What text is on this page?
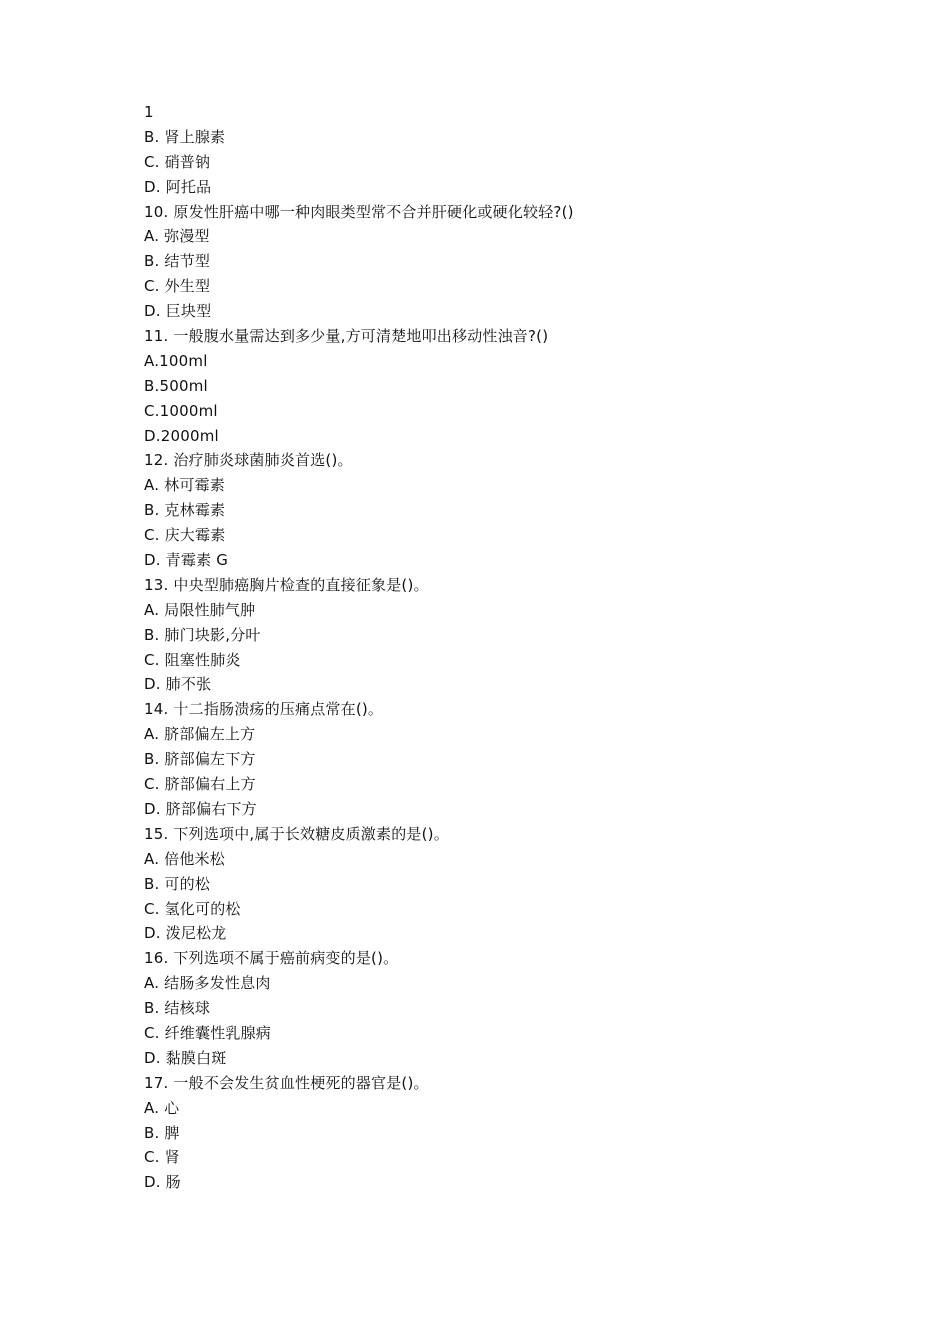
1
B. 肾上腺素
C. 硝普钠
D. 阿托品
10. 原发性肝癌中哪一种肉眼类型常不合并肝硬化或硬化较轻?()
A. 弥漫型
B. 结节型
C. 外生型
D. 巨块型
11. 一般腹水量需达到多少量,方可清楚地叩出移动性浊音?()
A.100ml
B.500ml
C.1000ml
D.2000ml
12. 治疗肺炎球菌肺炎首选()。
A. 林可霉素
B. 克林霉素
C. 庆大霉素
D. 青霉素 G
13. 中央型肺癌胸片检查的直接征象是()。
A. 局限性肺气肿
B. 肺门块影,分叶
C. 阻塞性肺炎
D. 肺不张
14. 十二指肠溃疡的压痛点常在()。
A. 脐部偏左上方
B. 脐部偏左下方
C. 脐部偏右上方
D. 脐部偏右下方
15. 下列选项中,属于长效糖皮质激素的是()。
A. 倍他米松
B. 可的松
C. 氢化可的松
D. 泼尼松龙
16. 下列选项不属于癌前病变的是()。
A. 结肠多发性息肉
B. 结核球
C. 纤维囊性乳腺病
D. 黏膜白斑
17. 一般不会发生贫血性梗死的器官是()。
A. 心
B. 脾
C. 肾
D. 肠
